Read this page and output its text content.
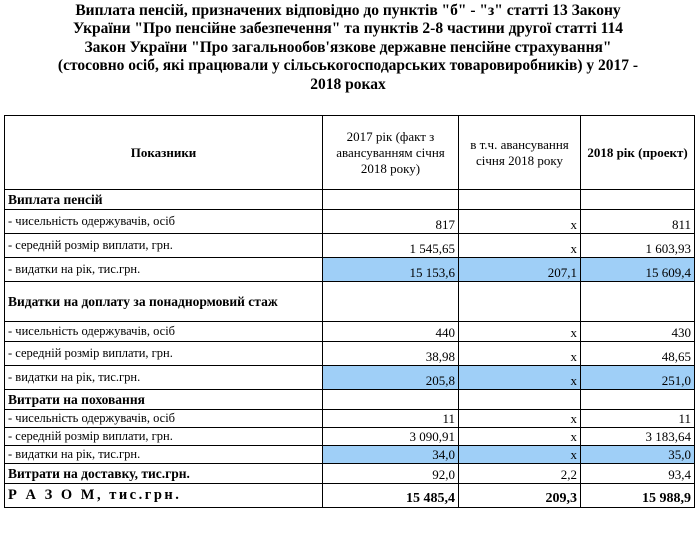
Виплата пенсій, призначених відповідно до пунктів "б" - "з" статті 13 Закону
України "Про пенсійне забезпечення" та пунктів 2-8 частини другої статті 114
Закон України "Про загальнообов'язкове державне пенсійне страхування"
(стосовно осіб, які працювали у сільськогосподарських товаровиробників) у 2017 -
2018 роках
Показники	2017 рік (факт з авансуванням січня 2018 року)	в т.ч. авансування січня 2018 року	2018 рік (проект)
Виплата пенсій			
- чисельність одержувачів, осіб	817	х	811
- середній розмір виплати, грн.	1 545,65	х	1 603,93
- видатки на рік, тис.грн.	15 153,6	207,1	15 609,4
Видатки на доплату за понаднормовий стаж			
- чисельність одержувачів, осіб	440	х	430
- середній розмір виплати, грн.	38,98	х	48,65
- видатки на рік, тис.грн.	205,8	х	251,0
Витрати на поховання			
- чисельність одержувачів, осіб	11	х	11
- середній розмір виплати, грн.	3 090,91	х	3 183,64
- видатки на рік, тис.грн.	34,0	х	35,0
Витрати на доставку, тис.грн.	92,0	2,2	93,4
Р А З О М, тис.грн.	15 485,4	209,3	15 988,9
